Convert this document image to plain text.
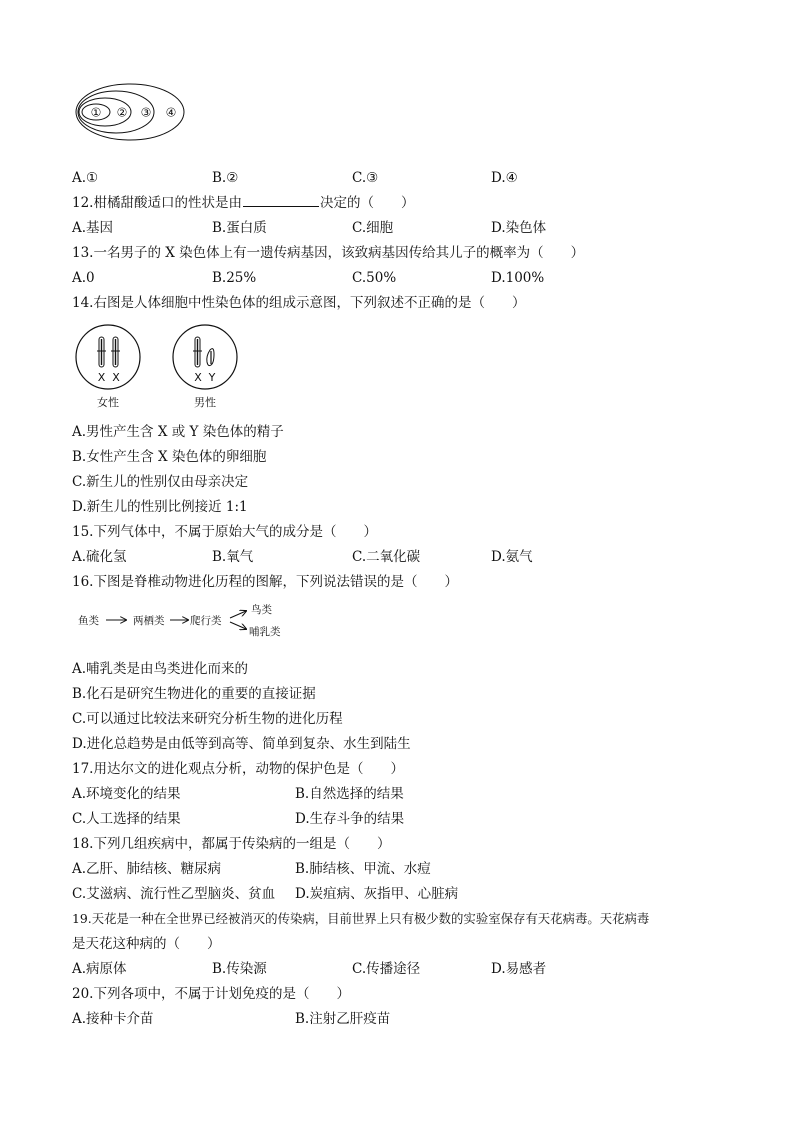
① ② ③ ④
A.①	B.②	C.③	D.④
12.柑橘甜酸适口的性状是由	决定的（　　）
A.基因	B.蛋白质	C.细胞	D.染色体
13.一名男子的 X 染色体上有一遗传病基因，该致病基因传给其儿子的概率为（　　）
A.0	B.25%	C.50%	D.100%
14.右图是人体细胞中性染色体的组成示意图，下列叙述不正确的是（　　）
X X
女性
X Y
男性
A.男性产生含 X 或 Y 染色体的精子
B.女性产生含 X 染色体的卵细胞
C.新生儿的性别仅由母亲决定
D.新生儿的性别比例接近 1:1
15.下列气体中，不属于原始大气的成分是（　　）
A.硫化氢	B.氧气	C.二氧化碳	D.氨气
16.下图是脊椎动物进化历程的图解，下列说法错误的是（　　）
鱼类	两栖类 爬行类
鸟类
哺乳类
A.哺乳类是由鸟类进化而来的
B.化石是研究生物进化的重要的直接证据
C.可以通过比较法来研究分析生物的进化历程
D.进化总趋势是由低等到高等、简单到复杂、水生到陆生
17.用达尔文的进化观点分析，动物的保护色是（　　）
A.环境变化的结果	B.自然选择的结果
C.人工选择的结果	D.生存斗争的结果
18.下列几组疾病中，都属于传染病的一组是（　　）
A.乙肝、肺结核、糖尿病	B.肺结核、甲流、水痘
C.艾滋病、流行性乙型脑炎、贫血 D.炭疽病、灰指甲、心脏病
19.天花是一种在全世界已经被消灭的传染病，目前世界上只有极少数的实验室保存有天花病毒。天花病毒
是天花这种病的（　　）
A.病原体	B.传染源	C.传播途径	D.易感者
20.下列各项中，不属于计划免疫的是（　　）
A.接种卡介苗	B.注射乙肝疫苗
